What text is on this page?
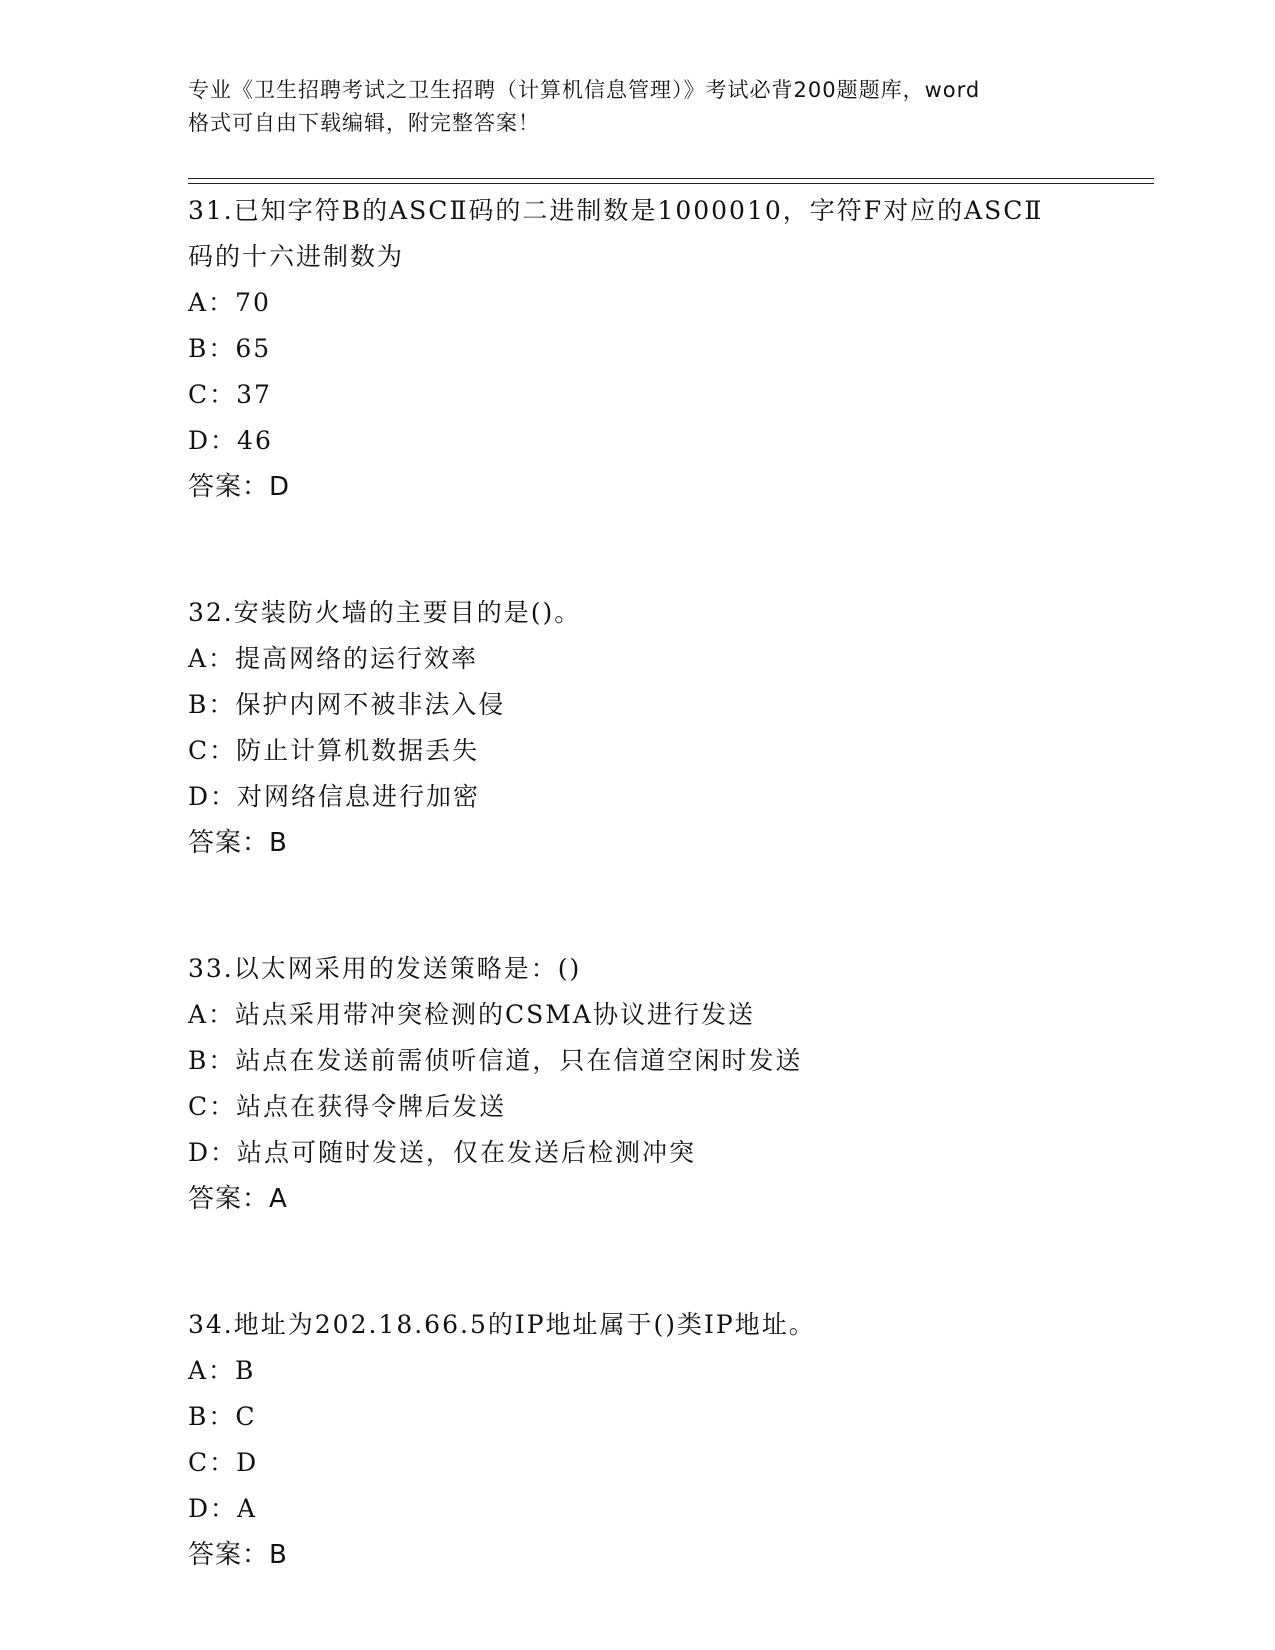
专业《卫生招聘考试之卫生招聘（计算机信息管理）》考试必背200题题库，word
格式可自由下载编辑，附完整答案！
31.已知字符B的ASCⅡ码的二进制数是1000010，字符F对应的ASCⅡ
码的十六进制数为
A：70
B：65
C：37
D：46
答案：D
32.安装防火墙的主要目的是()。
A：提高网络的运行效率
B：保护内网不被非法入侵
C：防止计算机数据丢失
D：对网络信息进行加密
答案：B
33.以太网采用的发送策略是：()
A：站点采用带冲突检测的CSMA协议进行发送
B：站点在发送前需侦听信道，只在信道空闲时发送
C：站点在获得令牌后发送
D：站点可随时发送，仅在发送后检测冲突
答案：A
34.地址为202.18.66.5的IP地址属于()类IP地址。
A：B
B：C
C：D
D：A
答案：B
